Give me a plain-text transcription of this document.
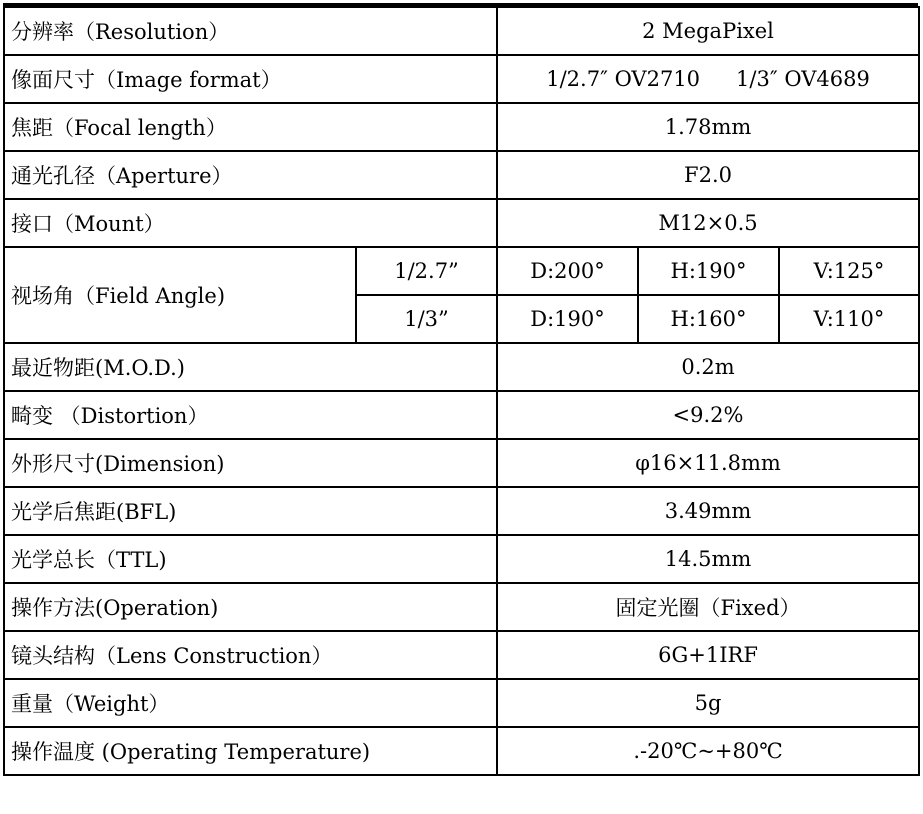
分辨率（Resolution）		2 MegaPixel		
像面尺寸（Image format）		1/2.7″ OV2710 1/3″ OV4689		
焦距（Focal length）		1.78mm		
通光孔径（Aperture）		F2.0		
接口（Mount）		M12×0.5		
视场角（Field Angle)	1/2.7”	D:200°	H:190°	V:125°
	1/3”	D:190°	H:160°	V:110°
最近物距(M.O.D.)		0.2m		
畸变 （Distortion）		<9.2%		
外形尺寸(Dimension)		φ16×11.8mm		
光学后焦距(BFL)		3.49mm		
光学总长（TTL)		14.5mm		
操作方法(Operation)		固定光圈（Fixed）		
镜头结构（Lens Construction）		6G+1IRF		
重量（Weight）		5g		
操作温度 (Operating Temperature)		.-20℃~+80℃		
